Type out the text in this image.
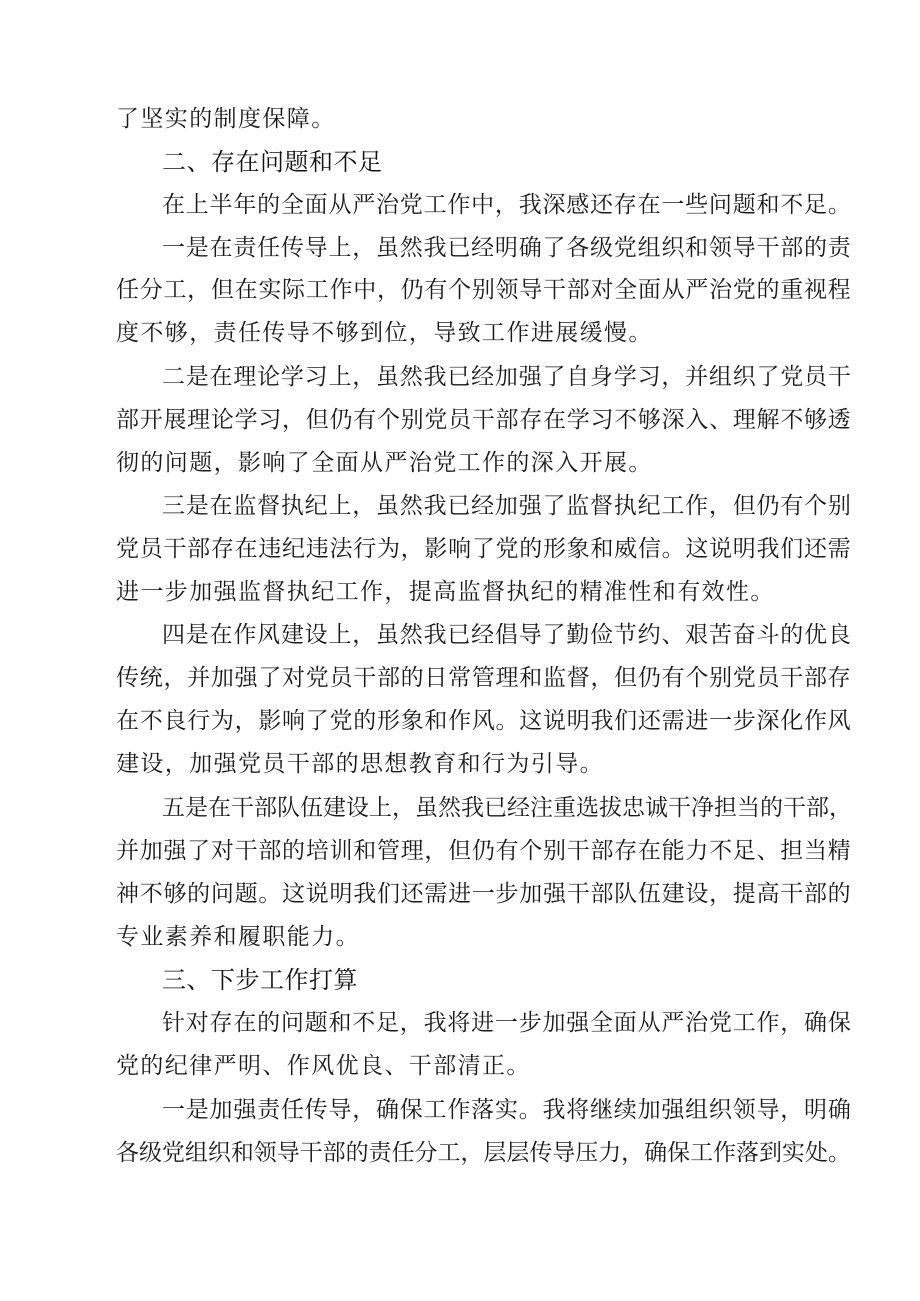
了坚实的制度保障。
二、存在问题和不足
在上半年的全面从严治党工作中，我深感还存在一些问题和不足。
一是在责任传导上，虽然我已经明确了各级党组织和领导干部的责
任分工，但在实际工作中，仍有个别领导干部对全面从严治党的重视程
度不够，责任传导不够到位，导致工作进展缓慢。
二是在理论学习上，虽然我已经加强了自身学习，并组织了党员干
部开展理论学习，但仍有个别党员干部存在学习不够深入、理解不够透
彻的问题，影响了全面从严治党工作的深入开展。
三是在监督执纪上，虽然我已经加强了监督执纪工作，但仍有个别
党员干部存在违纪违法行为，影响了党的形象和威信。这说明我们还需
进一步加强监督执纪工作，提高监督执纪的精准性和有效性。
四是在作风建设上，虽然我已经倡导了勤俭节约、艰苦奋斗的优良
传统，并加强了对党员干部的日常管理和监督，但仍有个别党员干部存
在不良行为，影响了党的形象和作风。这说明我们还需进一步深化作风
建设，加强党员干部的思想教育和行为引导。
五是在干部队伍建设上，虽然我已经注重选拔忠诚干净担当的干部，
并加强了对干部的培训和管理，但仍有个别干部存在能力不足、担当精
神不够的问题。这说明我们还需进一步加强干部队伍建设，提高干部的
专业素养和履职能力。
三、下步工作打算
针对存在的问题和不足，我将进一步加强全面从严治党工作，确保
党的纪律严明、作风优良、干部清正。
一是加强责任传导，确保工作落实。我将继续加强组织领导，明确
各级党组织和领导干部的责任分工，层层传导压力，确保工作落到实处。
